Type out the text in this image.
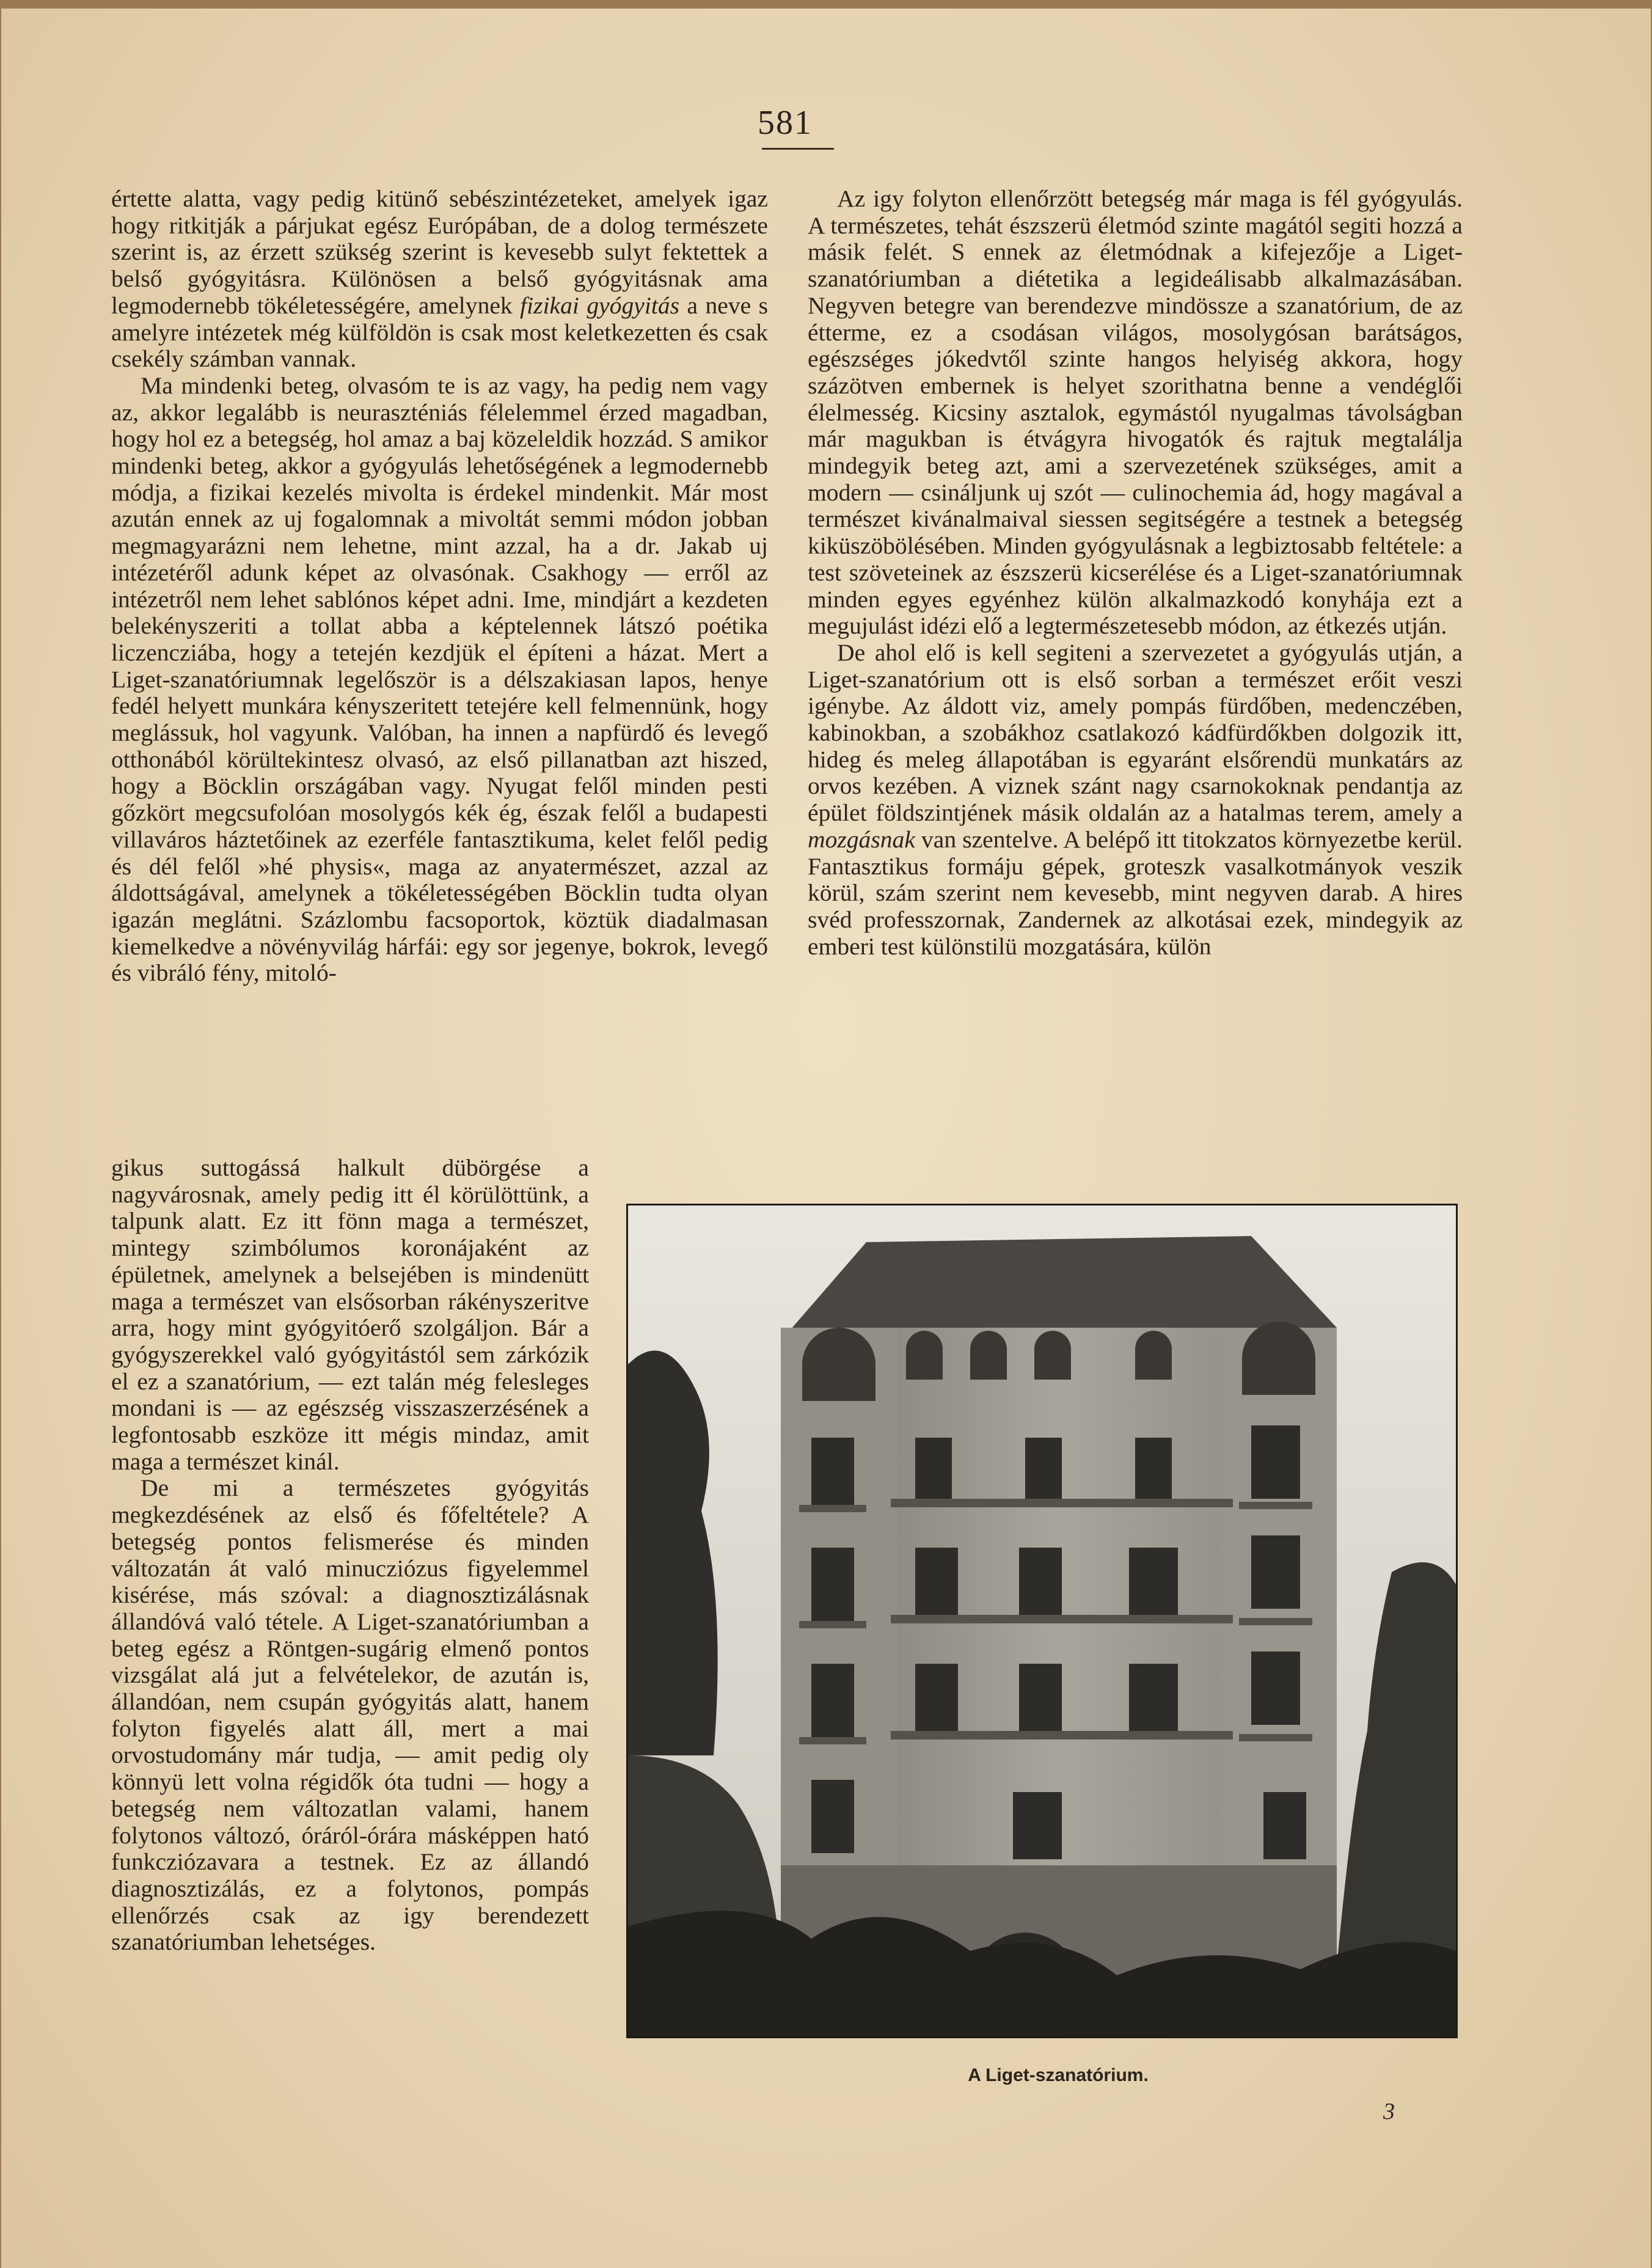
581

értette alatta, vagy pedig kitünő sebészintézeteket, amelyek igaz hogy ritkitják a párjukat egész Európában, de a dolog természete szerint is, az érzett szükség szerint is kevesebb sulyt fektettek a belső gyógyitásra. Különösen a belső gyógyitásnak ama legmodernebb tökéletességére, amelynek fizikai gyógyitás a neve s amelyre intézetek még külföldön is csak most keletkezetten és csak csekély számban vannak.

Ma mindenki beteg, olvasóm te is az vagy, ha pedig nem vagy az, akkor legalább is neuraszténiás félelemmel érzed magadban, hogy hol ez a betegség, hol amaz a baj közeleldik hozzád. S amikor mindenki beteg, akkor a gyógyulás lehetőségének a legmodernebb módja, a fizikai kezelés mivolta is érdekel mindenkit. Már most azután ennek az uj fogalomnak a mivoltát semmi módon jobban megmagyarázni nem lehetne, mint azzal, ha a dr. Jakab uj intézetéről adunk képet az olvasónak. Csakhogy — erről az intézetről nem lehet sablónos képet adni. Ime, mindjárt a kezdeten belekényszeriti a tollat abba a képtelennek látszó poétika liczencziába, hogy a tetején kezdjük el építeni a házat. Mert a Liget-szanatóriumnak legelőször is a délszakiasan lapos, henye fedél helyett munkára kényszeritett tetejére kell felmennünk, hogy meglássuk, hol vagyunk. Valóban, ha innen a napfürdő és levegő otthonából körültekintesz olvasó, az első pillanatban azt hiszed, hogy a Böcklin országában vagy. Nyugat felől minden pesti gőzkört megcsufolóan mosolygós kék ég, észak felől a budapesti villaváros háztetőinek az ezerféle fantasztikuma, kelet felől pedig és dél felől »hé physis«, maga az anyatermészet, azzal az áldottságával, amelynek a tökéletességében Böcklin tudta olyan igazán meglátni. Százlombu facsoportok, köztük diadalmasan kiemelkedve a növényvilág hárfái: egy sor jegenye, bokrok, levegő és vibráló fény, mitoló-

gikus suttogássá halkult dübörgése a nagyvárosnak, amely pedig itt él körülöttünk, a talpunk alatt. Ez itt fönn maga a természet, mintegy szimbólumos koronájaként az épületnek, amelynek a belsejében is mindenütt maga a természet van elsősorban rákényszeritve arra, hogy mint gyógyitóerő szolgáljon. Bár a gyógyszerekkel való gyógyitástól sem zárkózik el ez a szanatórium, — ezt talán még felesleges mondani is — az egészség visszaszerzésének a legfontosabb eszköze itt mégis mindaz, amit maga a természet kinál.

De mi a természetes gyógyitás megkezdésének az első és főfeltétele? A betegség pontos felismerése és minden változatán át való minucziózus figyelemmel kisérése, más szóval: a diagnosztizálásnak állandóvá való tétele. A Liget-szanatóriumban a beteg egész a Röntgen-sugárig elmenő pontos vizsgálat alá jut a felvételekor, de azután is, állandóan, nem csupán gyógyitás alatt, hanem folyton figyelés alatt áll, mert a mai orvostudomány már tudja, — amit pedig oly könnyü lett volna régidők óta tudni — hogy a betegség nem változatlan valami, hanem folytonos változó, óráról-órára másképpen ható funkcziózavara a testnek. Ez az állandó diagnosztizálás, ez a folytonos, pompás ellenőrzés csak az igy berendezett szanatóriumban lehetséges.

Az igy folyton ellenőrzött betegség már maga is fél gyógyulás. A természetes, tehát észszerü életmód szinte magától segiti hozzá a másik felét. S ennek az életmódnak a kifejezője a Liget-szanatóriumban a diétetika a legideálisabb alkalmazásában. Negyven betegre van berendezve mindössze a szanatórium, de az étterme, ez a csodásan világos, mosolygósan barátságos, egészséges jókedvtől szinte hangos helyiség akkora, hogy százötven embernek is helyet szorithatna benne a vendéglői élelmesség. Kicsiny asztalok, egymástól nyugalmas távolságban már magukban is étvágyra hivogatók és rajtuk megtalálja mindegyik beteg azt, ami a szervezetének szükséges, amit a modern — csináljunk uj szót — culinochemia ád, hogy magával a természet kivánalmaival siessen segitségére a testnek a betegség kiküszöbölésében. Minden gyógyulásnak a legbiztosabb feltétele: a test szöveteinek az észszerü kicserélése és a Liget-szanatóriumnak minden egyes egyénhez külön alkalmazkodó konyhája ezt a megujulást idézi elő a legtermészetesebb módon, az étkezés utján.

De ahol elő is kell segiteni a szervezetet a gyógyulás utján, a Liget-szanatórium ott is első sorban a természet erőit veszi igénybe. Az áldott viz, amely pompás fürdőben, medenczében, kabinokban, a szobákhoz csatlakozó kádfürdőkben dolgozik itt, hideg és meleg állapotában is egyaránt elsőrendü munkatárs az orvos kezében. A viznek szánt nagy csarnokoknak pendantja az épület földszintjének másik oldalán az a hatalmas terem, amely a mozgásnak van szentelve. A belépő itt titokzatos környezetbe kerül. Fantasztikus formáju gépek, groteszk vasalkotmányok veszik körül, szám szerint nem kevesebb, mint negyven darab. A hires svéd professzornak, Zandernek az alkotásai ezek, mindegyik az emberi test különstilü mozgatására, külön

A Liget-szanatórium.
3
